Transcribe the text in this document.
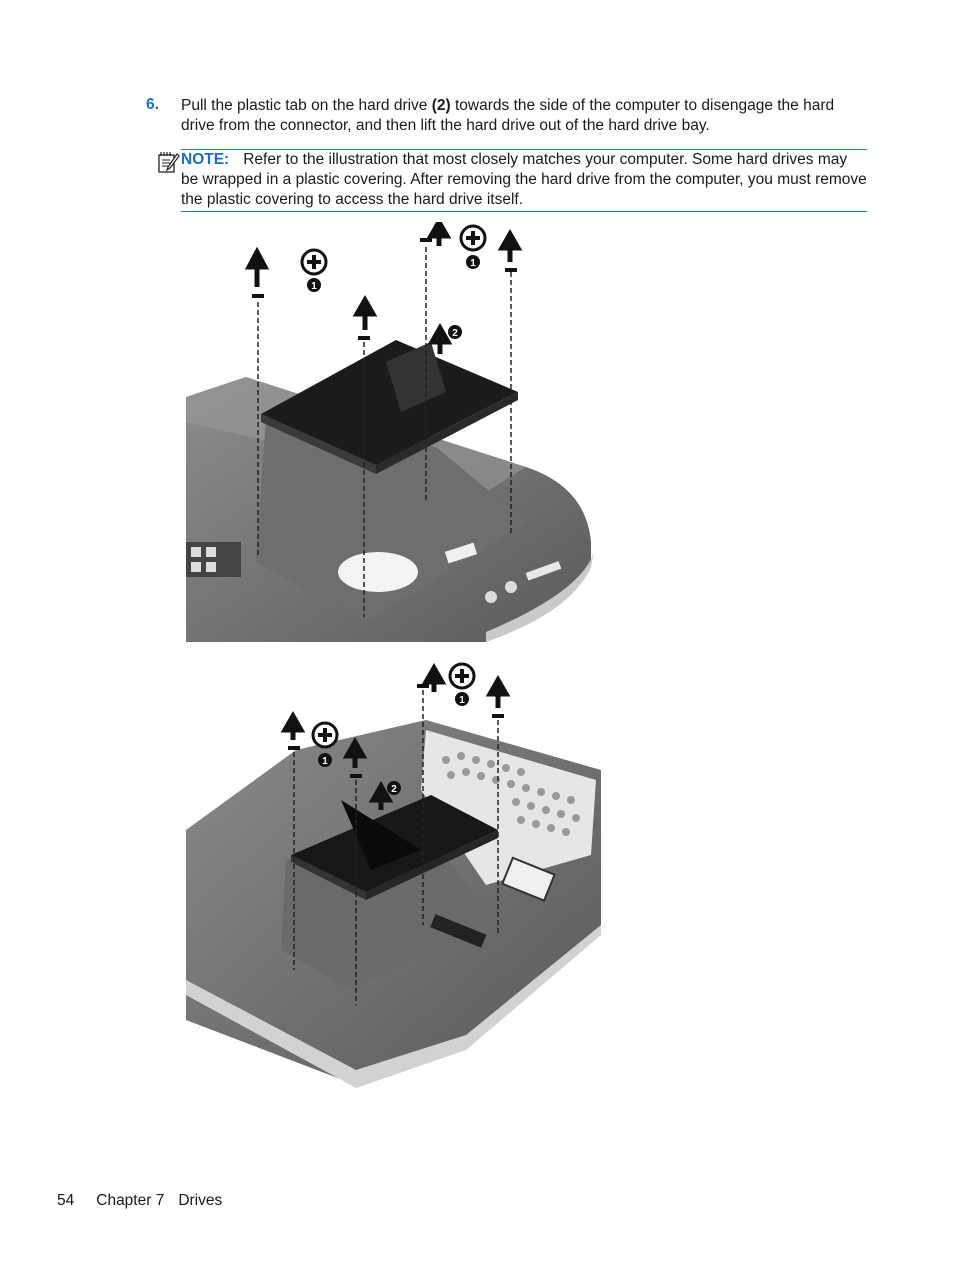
6. Pull the plastic tab on the hard drive (2) towards the side of the computer to disengage the hard drive from the connector, and then lift the hard drive out of the hard drive bay.
NOTE: Refer to the illustration that most closely matches your computer. Some hard drives may be wrapped in a plastic covering. After removing the hard drive from the computer, you must remove the plastic covering to access the hard drive itself.
1
1
2
1
1
2
54 Chapter 7 Drives
